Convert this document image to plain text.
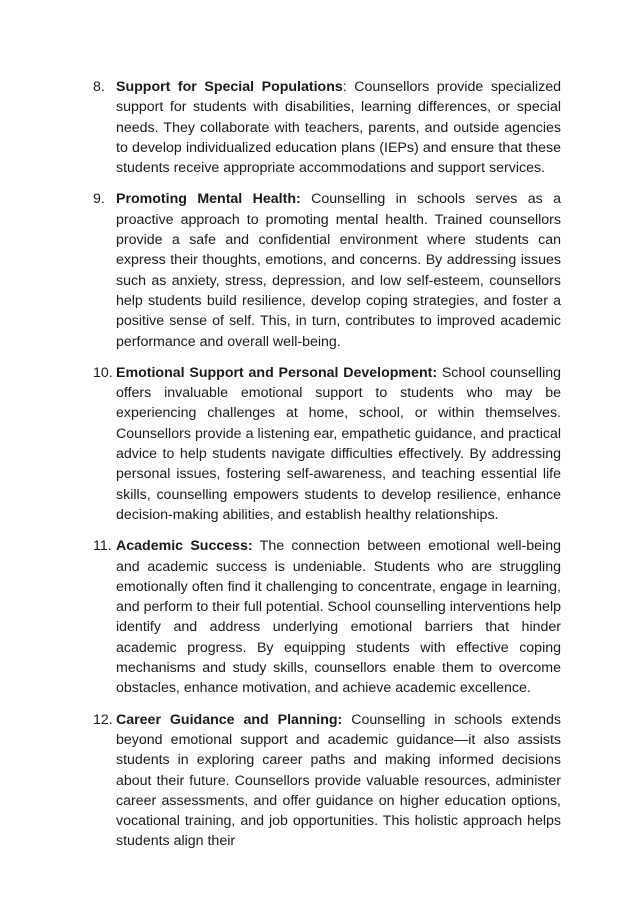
8. Support for Special Populations: Counsellors provide specialized support for students with disabilities, learning differences, or special needs. They collaborate with teachers, parents, and outside agencies to develop individualized education plans (IEPs) and ensure that these students receive appropriate accommodations and support services.
9. Promoting Mental Health: Counselling in schools serves as a proactive approach to promoting mental health. Trained counsellors provide a safe and confidential environment where students can express their thoughts, emotions, and concerns. By addressing issues such as anxiety, stress, depression, and low self-esteem, counsellors help students build resilience, develop coping strategies, and foster a positive sense of self. This, in turn, contributes to improved academic performance and overall well-being.
10. Emotional Support and Personal Development: School counselling offers invaluable emotional support to students who may be experiencing challenges at home, school, or within themselves. Counsellors provide a listening ear, empathetic guidance, and practical advice to help students navigate difficulties effectively. By addressing personal issues, fostering self-awareness, and teaching essential life skills, counselling empowers students to develop resilience, enhance decision-making abilities, and establish healthy relationships.
11. Academic Success: The connection between emotional well-being and academic success is undeniable. Students who are struggling emotionally often find it challenging to concentrate, engage in learning, and perform to their full potential. School counselling interventions help identify and address underlying emotional barriers that hinder academic progress. By equipping students with effective coping mechanisms and study skills, counsellors enable them to overcome obstacles, enhance motivation, and achieve academic excellence.
12. Career Guidance and Planning: Counselling in schools extends beyond emotional support and academic guidance—it also assists students in exploring career paths and making informed decisions about their future. Counsellors provide valuable resources, administer career assessments, and offer guidance on higher education options, vocational training, and job opportunities. This holistic approach helps students align their
